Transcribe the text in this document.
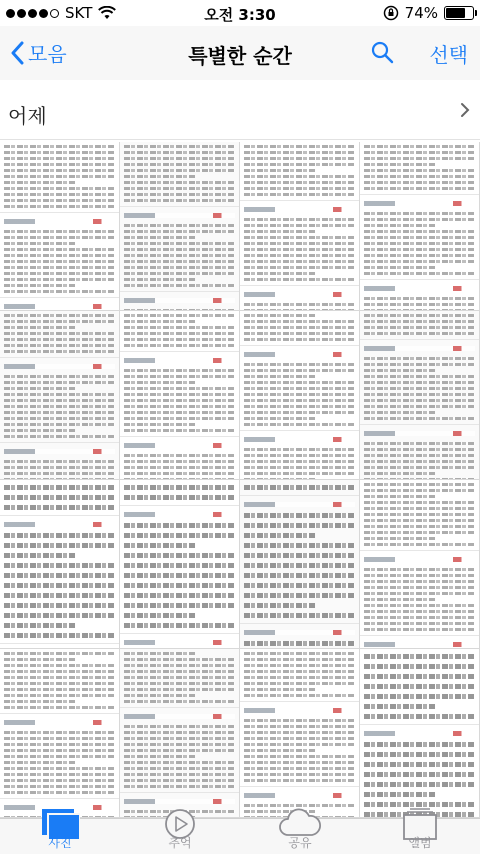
SKT	오전 3:30	74%
모음	특별한 순간	선택
어제
사진	추억	공유	앨범
